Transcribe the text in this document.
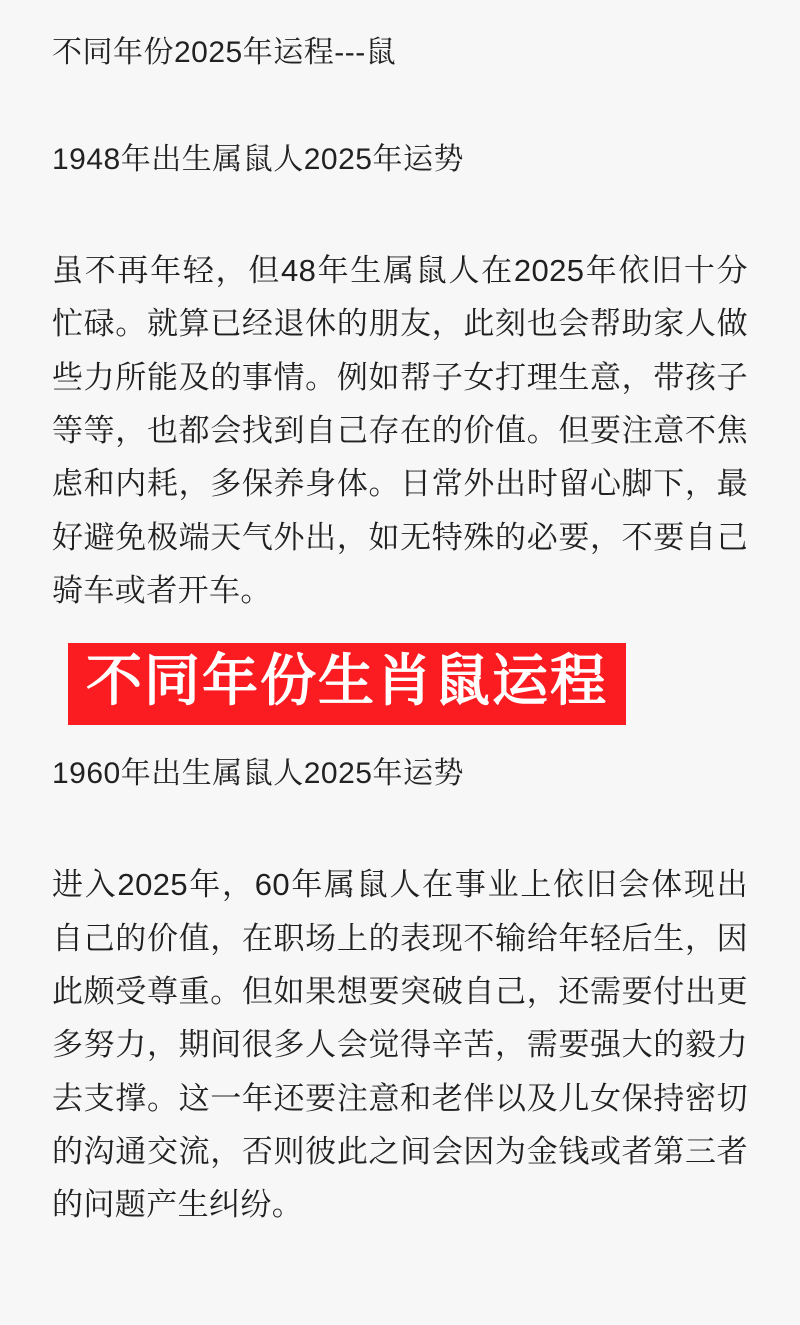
不同年份2025年运程---鼠
1948年出生属鼠人2025年运势
虽不再年轻，但48年生属鼠人在2025年依旧十分忙碌。就算已经退休的朋友，此刻也会帮助家人做些力所能及的事情。例如帮子女打理生意，带孩子等等，也都会找到自己存在的价值。但要注意不焦虑和内耗，多保养身体。日常外出时留心脚下，最好避免极端天气外出，如无特殊的必要，不要自己骑车或者开车。
不同年份生肖鼠运程
1960年出生属鼠人2025年运势
进入2025年，60年属鼠人在事业上依旧会体现出自己的价值，在职场上的表现不输给年轻后生，因此颇受尊重。但如果想要突破自己，还需要付出更多努力，期间很多人会觉得辛苦，需要强大的毅力去支撑。这一年还要注意和老伴以及儿女保持密切的沟通交流，否则彼此之间会因为金钱或者第三者的问题产生纠纷。
